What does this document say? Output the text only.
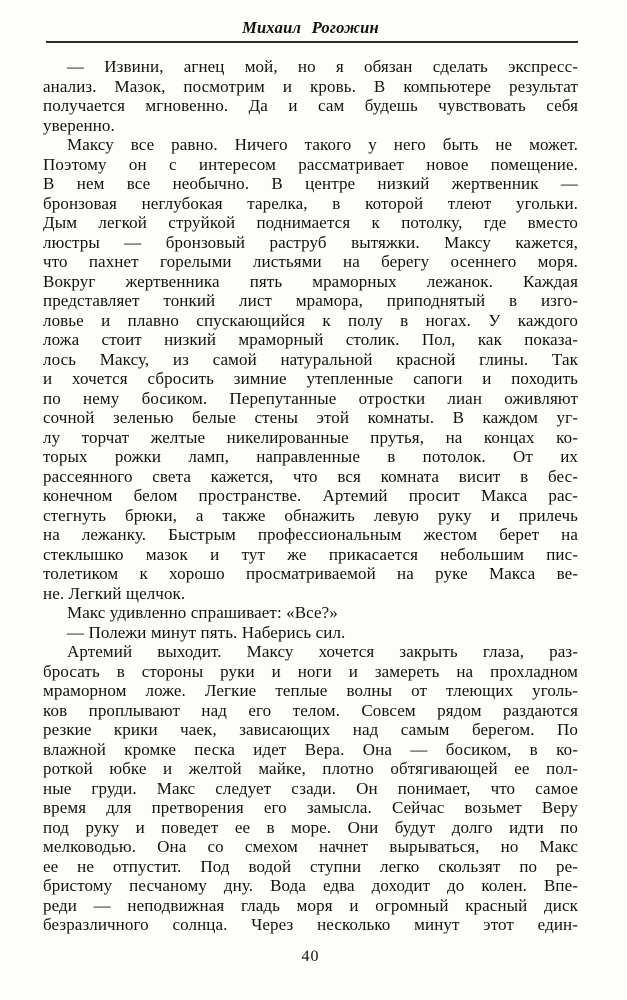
Михаил Рогожин
— Извини, агнец мой, но я обязан сделать экспресс-
анализ. Мазок, посмотрим и кровь. В компьютере результат
получается мгновенно. Да и сам будешь чувствовать себя
уверенно.
Максу все равно. Ничего такого у него быть не может.
Поэтому он с интересом рассматривает новое помещение.
В нем все необычно. В центре низкий жертвенник —
бронзовая неглубокая тарелка, в которой тлеют угольки.
Дым легкой струйкой поднимается к потолку, где вместо
люстры — бронзовый раструб вытяжки. Максу кажется,
что пахнет горелыми листьями на берегу осеннего моря.
Вокруг жертвенника пять мраморных лежанок. Каждая
представляет тонкий лист мрамора, приподнятый в изго-
ловье и плавно спускающийся к полу в ногах. У каждого
ложа стоит низкий мраморный столик. Пол, как показа-
лось Максу, из самой натуральной красной глины. Так
и хочется сбросить зимние утепленные сапоги и походить
по нему босиком. Перепутанные отростки лиан оживляют
сочной зеленью белые стены этой комнаты. В каждом уг-
лу торчат желтые никелированные прутья, на концах ко-
торых рожки ламп, направленные в потолок. От их
рассеянного света кажется, что вся комната висит в бес-
конечном белом пространстве. Артемий просит Макса рас-
стегнуть брюки, а также обнажить левую руку и прилечь
на лежанку. Быстрым профессиональным жестом берет на
стеклышко мазок и тут же прикасается небольшим пис-
толетиком к хорошо просматриваемой на руке Макса ве-
не. Легкий щелчок.
Макс удивленно спрашивает: «Все?»
— Полежи минут пять. Наберись сил.
Артемий выходит. Максу хочется закрыть глаза, раз-
бросать в стороны руки и ноги и замереть на прохладном
мраморном ложе. Легкие теплые волны от тлеющих уголь-
ков проплывают над его телом. Совсем рядом раздаются
резкие крики чаек, зависающих над самым берегом. По
влажной кромке песка идет Вера. Она — босиком, в ко-
роткой юбке и желтой майке, плотно обтягивающей ее пол-
ные груди. Макс следует сзади. Он понимает, что самое
время для претворения его замысла. Сейчас возьмет Веру
под руку и поведет ее в море. Они будут долго идти по
мелководью. Она со смехом начнет вырываться, но Макс
ее не отпустит. Под водой ступни легко скользят по ре-
бристому песчаному дну. Вода едва доходит до колен. Впе-
реди — неподвижная гладь моря и огромный красный диск
безразличного солнца. Через несколько минут этот един-
40
